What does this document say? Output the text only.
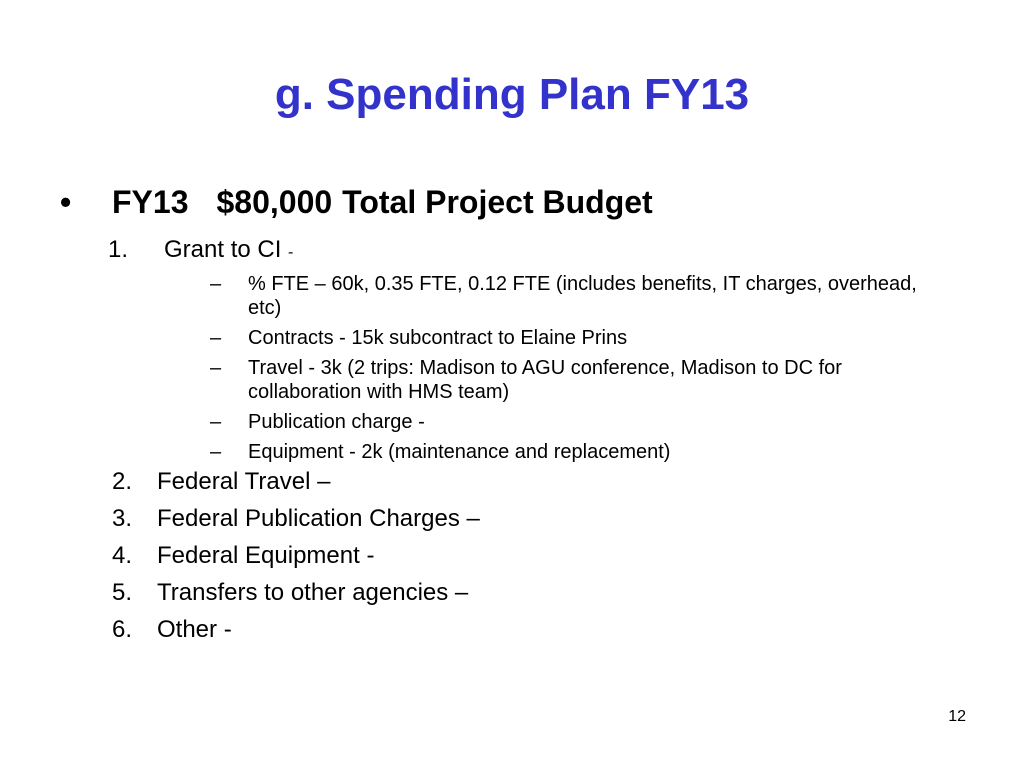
g. Spending Plan FY13
• FY13 $80,000 Total Project Budget
1. Grant to CI -
– % FTE – 60k, 0.35 FTE, 0.12 FTE (includes benefits, IT charges, overhead, etc)
– Contracts - 15k subcontract to Elaine Prins
– Travel - 3k (2 trips: Madison to AGU conference, Madison to DC for collaboration with HMS team)
– Publication charge -
– Equipment - 2k (maintenance and replacement)
2. Federal Travel –
3. Federal Publication Charges –
4. Federal Equipment -
5. Transfers to other agencies –
6. Other -
12
